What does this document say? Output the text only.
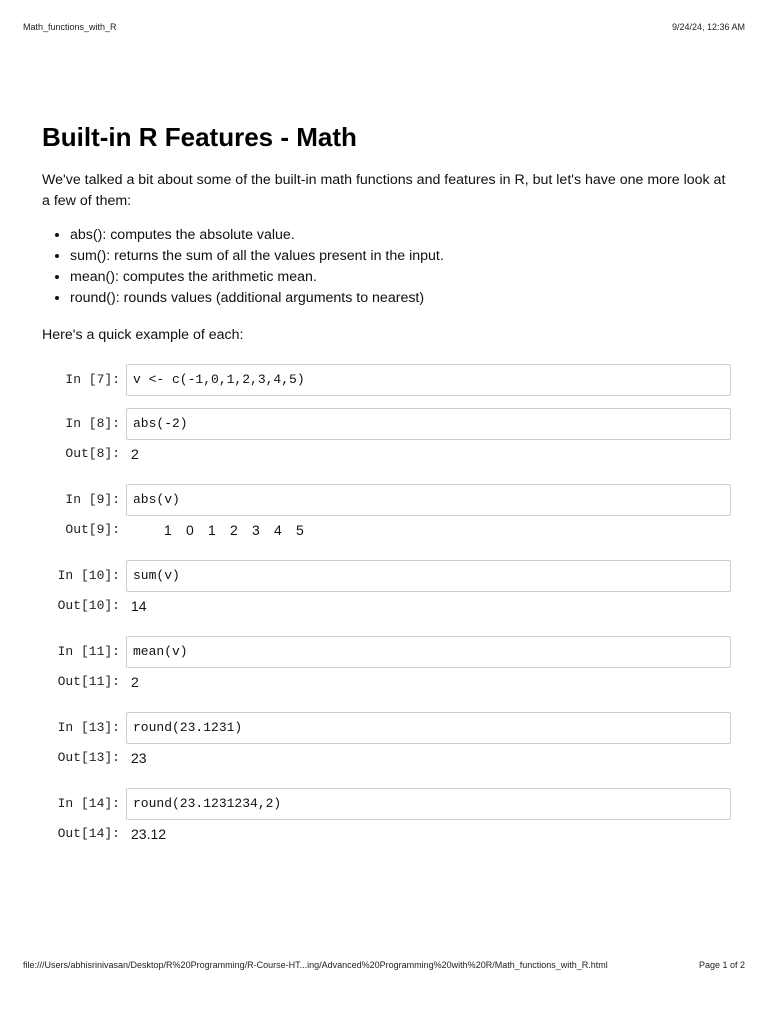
Math_functions_with_R	9/24/24, 12:36 AM
Built-in R Features - Math

We've talked a bit about some of the built-in math functions and features in R, but let's have one more look at a few of them:

• abs(): computes the absolute value.
• sum(): returns the sum of all the values present in the input.
• mean(): computes the arithmetic mean.
• round(): rounds values (additional arguments to nearest)

Here's a quick example of each:

In [7]:	v <- c(-1,0,1,2,3,4,5)
In [8]:	abs(-2)
Out[8]: 2
In [9]:	abs(v)
Out[9]:	1	0	1	2	3	4	5
In [10]:	sum(v)
Out[10]: 14
In [11]:	mean(v)
Out[11]: 2
In [13]:	round(23.1231)
Out[13]: 23
In [14]:	round(23.1231234,2)
Out[14]: 23.12
file:///Users/abhisrinivasan/Desktop/R%20Programming/R-Course-HT...ing/Advanced%20Programming%20with%20R/Math_functions_with_R.html	Page 1 of 2
